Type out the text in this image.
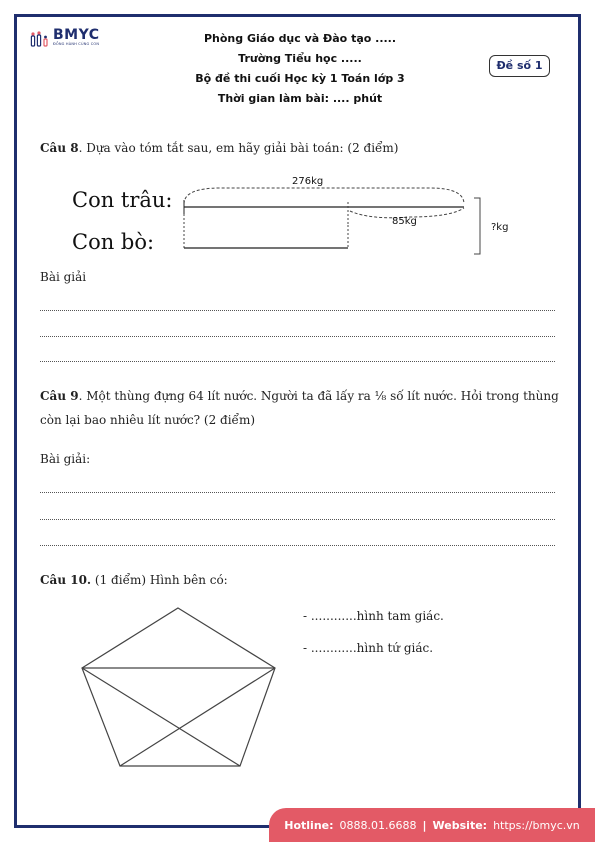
BMYC
ĐỒNG HÀNH CÙNG CON	Phòng Giáo dục và Đào tạo .....
Trường Tiểu học .....
Bộ đề thi cuối Học kỳ 1 Toán lớp 3
Thời gian làm bài: .... phút
Đề số 1
Câu 8. Dựa vào tóm tắt sau, em hãy giải bài toán: (2 điểm)
Con trâu:
Con bò:
276kg
85kg
?kg
Bài giải
Câu 9. Một thùng đựng 64 lít nước. Người ta đã lấy ra ⅛ số lít nước. Hỏi trong thùng
còn lại bao nhiêu lít nước? (2 điểm)
Bài giải:
Câu 10. (1 điểm) Hình bên có:
- ............hình tam giác.
- ............hình tứ giác.
Hotline: 0888.01.6688 | Website: https://bmyc.vn
